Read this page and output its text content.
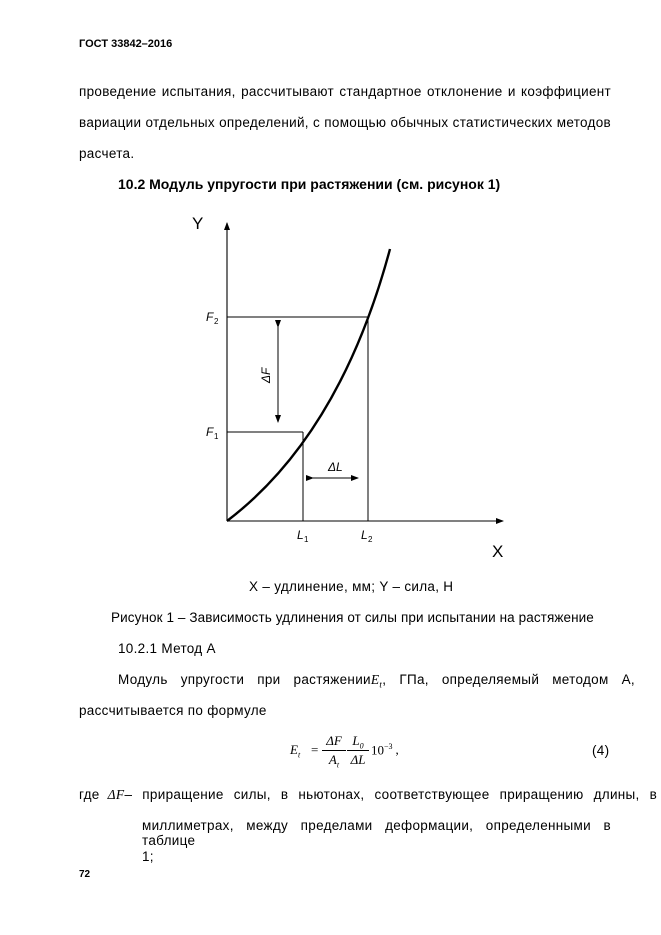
ГОСТ 33842–2016
проведение испытания, рассчитывают стандартное отклонение и коэффициент
вариации отдельных определений, с помощью обычных статистических методов
расчета.
10.2 Модуль упругости при растяжении (см. рисунок 1)
Y
X
F 2
F 1
ΔF
ΔL
L 1	L 2
X – удлинение, мм; Y – сила, Н
Рисунок 1 – Зависимость удлинения от силы при испытании на растяжение
10.2.1 Метод А
Модуль упругости при растяжении $E_t$, ГПа, определяемый методом А,
рассчитывается по формуле
$E_t$ =
ΔF
$A_t$
$L_0$
ΔL
$10^{-3}$ ,	(4)
где ΔF – приращение силы, в ньютонах, соответствующее приращению длины, в
миллиметрах, между пределами деформации, определенными в таблице
1;
72
